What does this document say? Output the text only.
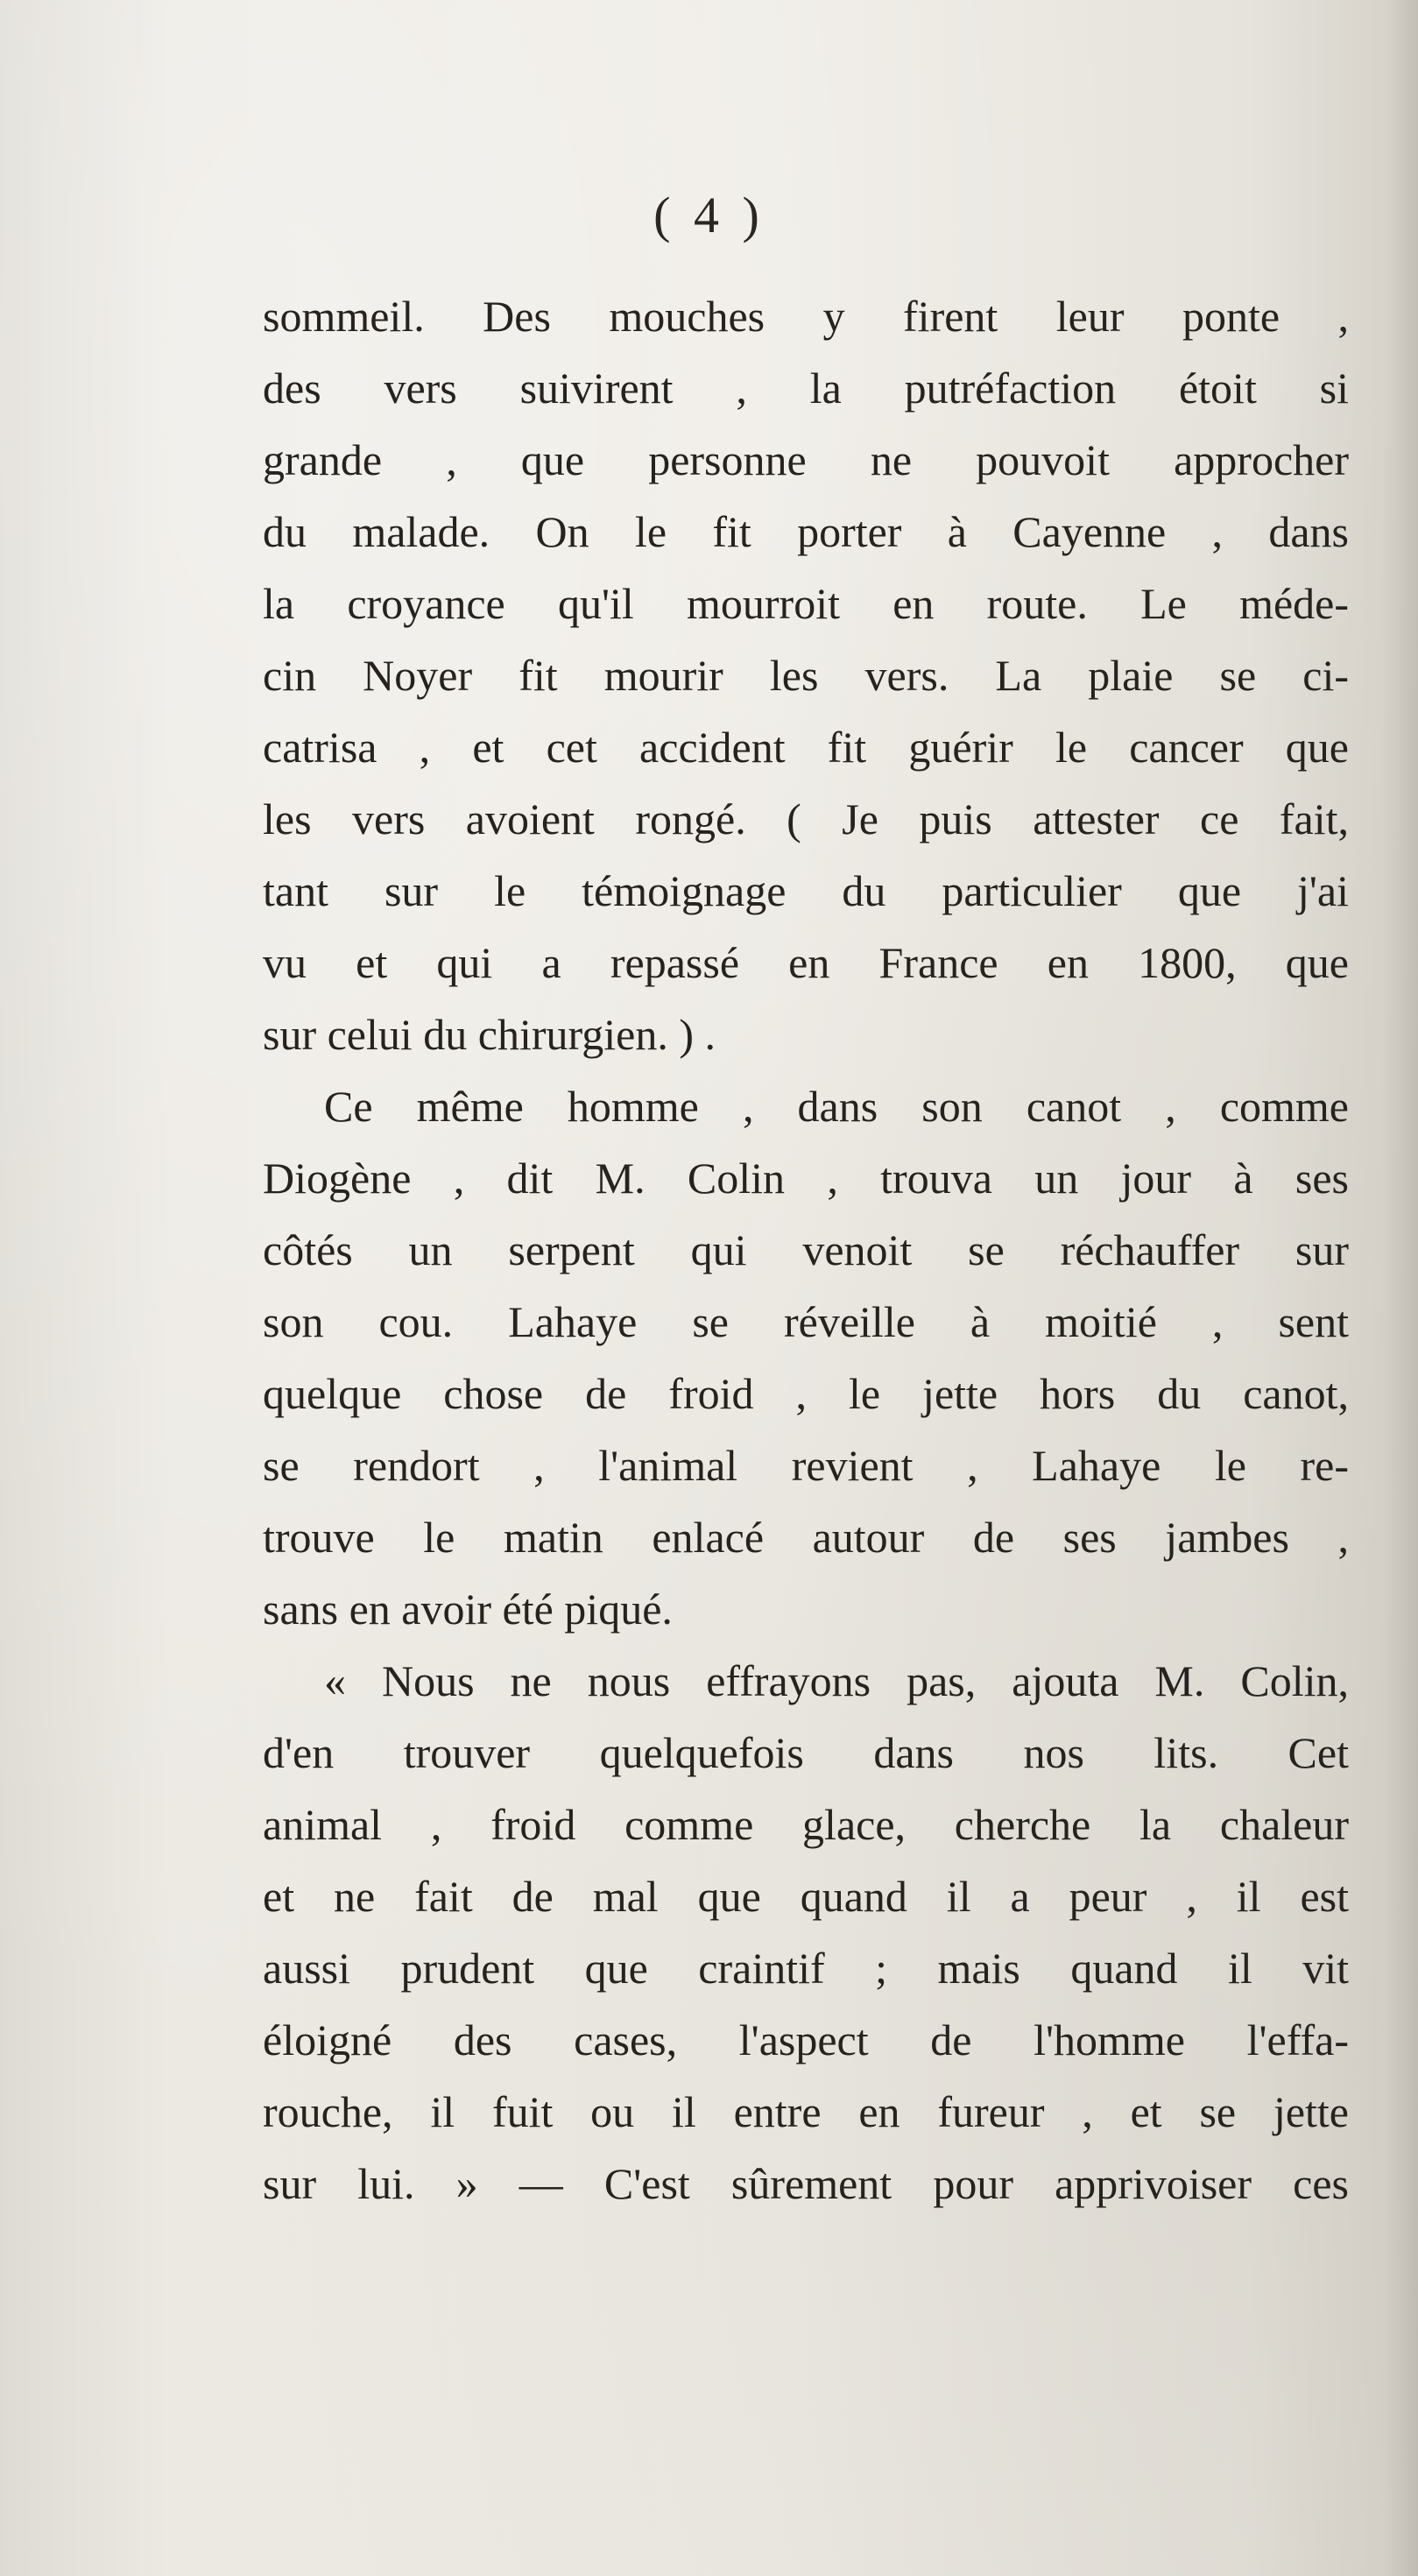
( 4 )
sommeil. Des mouches y firent leur ponte ,
des vers suivirent , la putréfaction étoit si
grande , que personne ne pouvoit approcher
du malade. On le fit porter à Cayenne , dans
la croyance qu'il mourroit en route. Le méde-
cin Noyer fit mourir les vers. La plaie se ci-
catrisa , et cet accident fit guérir le cancer que
les vers avoient rongé. ( Je puis attester ce fait,
tant sur le témoignage du particulier que j'ai
vu et qui a repassé en France en 1800, que
sur celui du chirurgien. ) .
Ce même homme , dans son canot , comme
Diogène , dit M. Colin , trouva un jour à ses
côtés un serpent qui venoit se réchauffer sur
son cou. Lahaye se réveille à moitié , sent
quelque chose de froid , le jette hors du canot,
se rendort , l'animal revient , Lahaye le re-
trouve le matin enlacé autour de ses jambes ,
sans en avoir été piqué.
« Nous ne nous effrayons pas, ajouta M. Colin,
d'en trouver quelquefois dans nos lits. Cet
animal , froid comme glace, cherche la chaleur
et ne fait de mal que quand il a peur , il est
aussi prudent que craintif ; mais quand il vit
éloigné des cases, l'aspect de l'homme l'effa-
rouche, il fuit ou il entre en fureur , et se jette
sur lui. » — C'est sûrement pour apprivoiser ces
